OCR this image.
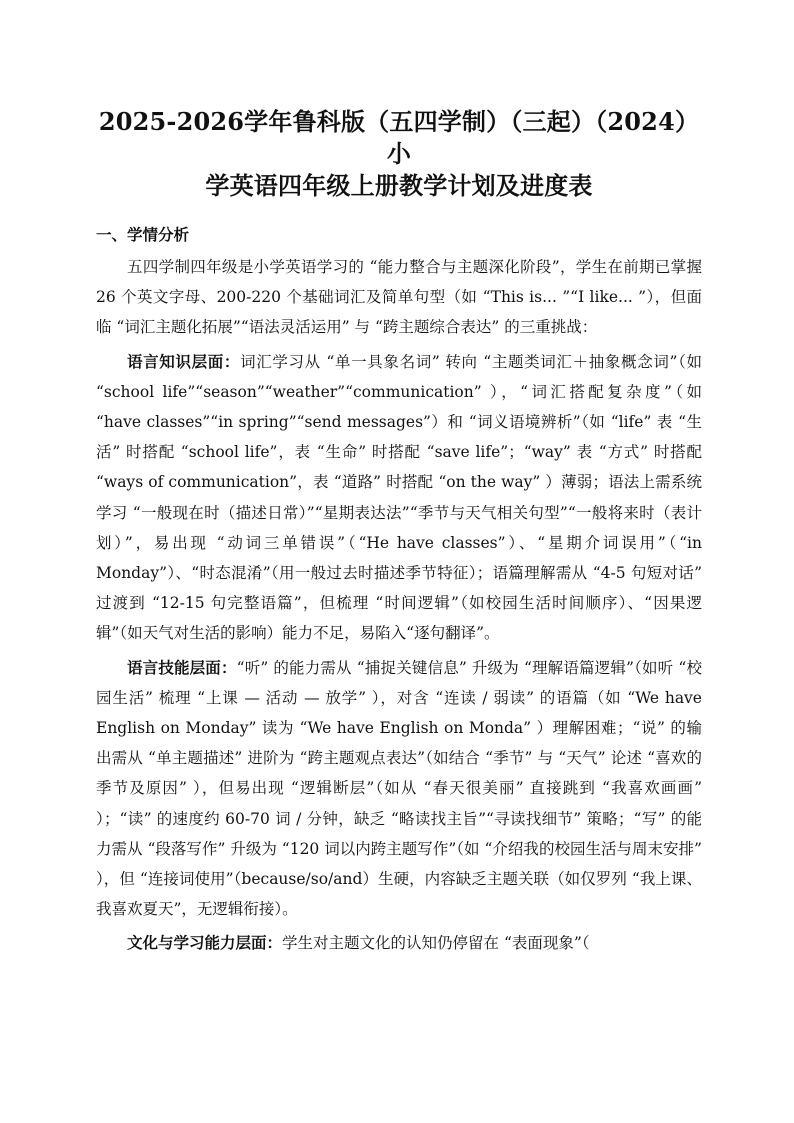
2025-2026学年鲁科版（五四学制）（三起）（2024）小
学英语四年级上册教学计划及进度表
一、学情分析

五四学制四年级是小学英语学习的 “能力整合与主题深化阶段”，学生在前期已掌握 26 个英文字母、200-220 个基础词汇及简单句型（如 “This is... ”“I like... ”），但面临 “词汇主题化拓展”“语法灵活运用” 与 “跨主题综合表达” 的三重挑战：

语言知识层面：词汇学习从 “单一具象名词” 转向 “主题类词汇＋抽象概念词”（如 “school life”“season”“weather”“communication” ），“词汇搭配复杂度”（如 “have classes”“in spring”“send messages”）和 “词义语境辨析”（如 “life” 表 “生活” 时搭配 “school life”，表 “生命” 时搭配 “save life”；“way” 表 “方式” 时搭配 “ways of communication”，表 “道路” 时搭配 “on the way” ）薄弱；语法上需系统学习 “一般现在时（描述日常）”“星期表达法”“季节与天气相关句型”“一般将来时（表计划）”，易出现 “动词三单错误”（“He have classes”）、“星期介词误用”（“in Monday”）、“时态混淆”（用一般过去时描述季节特征）；语篇理解需从 “4-5 句短对话” 过渡到 “12-15 句完整语篇”，但梳理 “时间逻辑”（如校园生活时间顺序）、“因果逻辑”（如天气对生活的影响）能力不足，易陷入“逐句翻译”。

语言技能层面：“听” 的能力需从 “捕捉关键信息” 升级为 “理解语篇逻辑”（如听 “校园生活” 梳理 “上课 — 活动 — 放学” ），对含 “连读 / 弱读” 的语篇（如 “We have English on Monday” 读为 “We have English on Monda” ）理解困难；“说” 的输出需从 “单主题描述” 进阶为 “跨主题观点表达”（如结合 “季节” 与 “天气” 论述 “喜欢的季节及原因” ），但易出现 “逻辑断层”（如从 “春天很美丽” 直接跳到 “我喜欢画画” ）；“读” 的速度约 60-70 词 / 分钟，缺乏 “略读找主旨”“寻读找细节” 策略；“写” 的能力需从 “段落写作” 升级为 “120 词以内跨主题写作”（如 “介绍我的校园生活与周末安排” ），但 “连接词使用”（because/so/and）生硬，内容缺乏主题关联（如仅罗列 “我上课、我喜欢夏天”，无逻辑衔接）。

文化与学习能力层面：学生对主题文化的认知仍停留在 “表面现象”（
